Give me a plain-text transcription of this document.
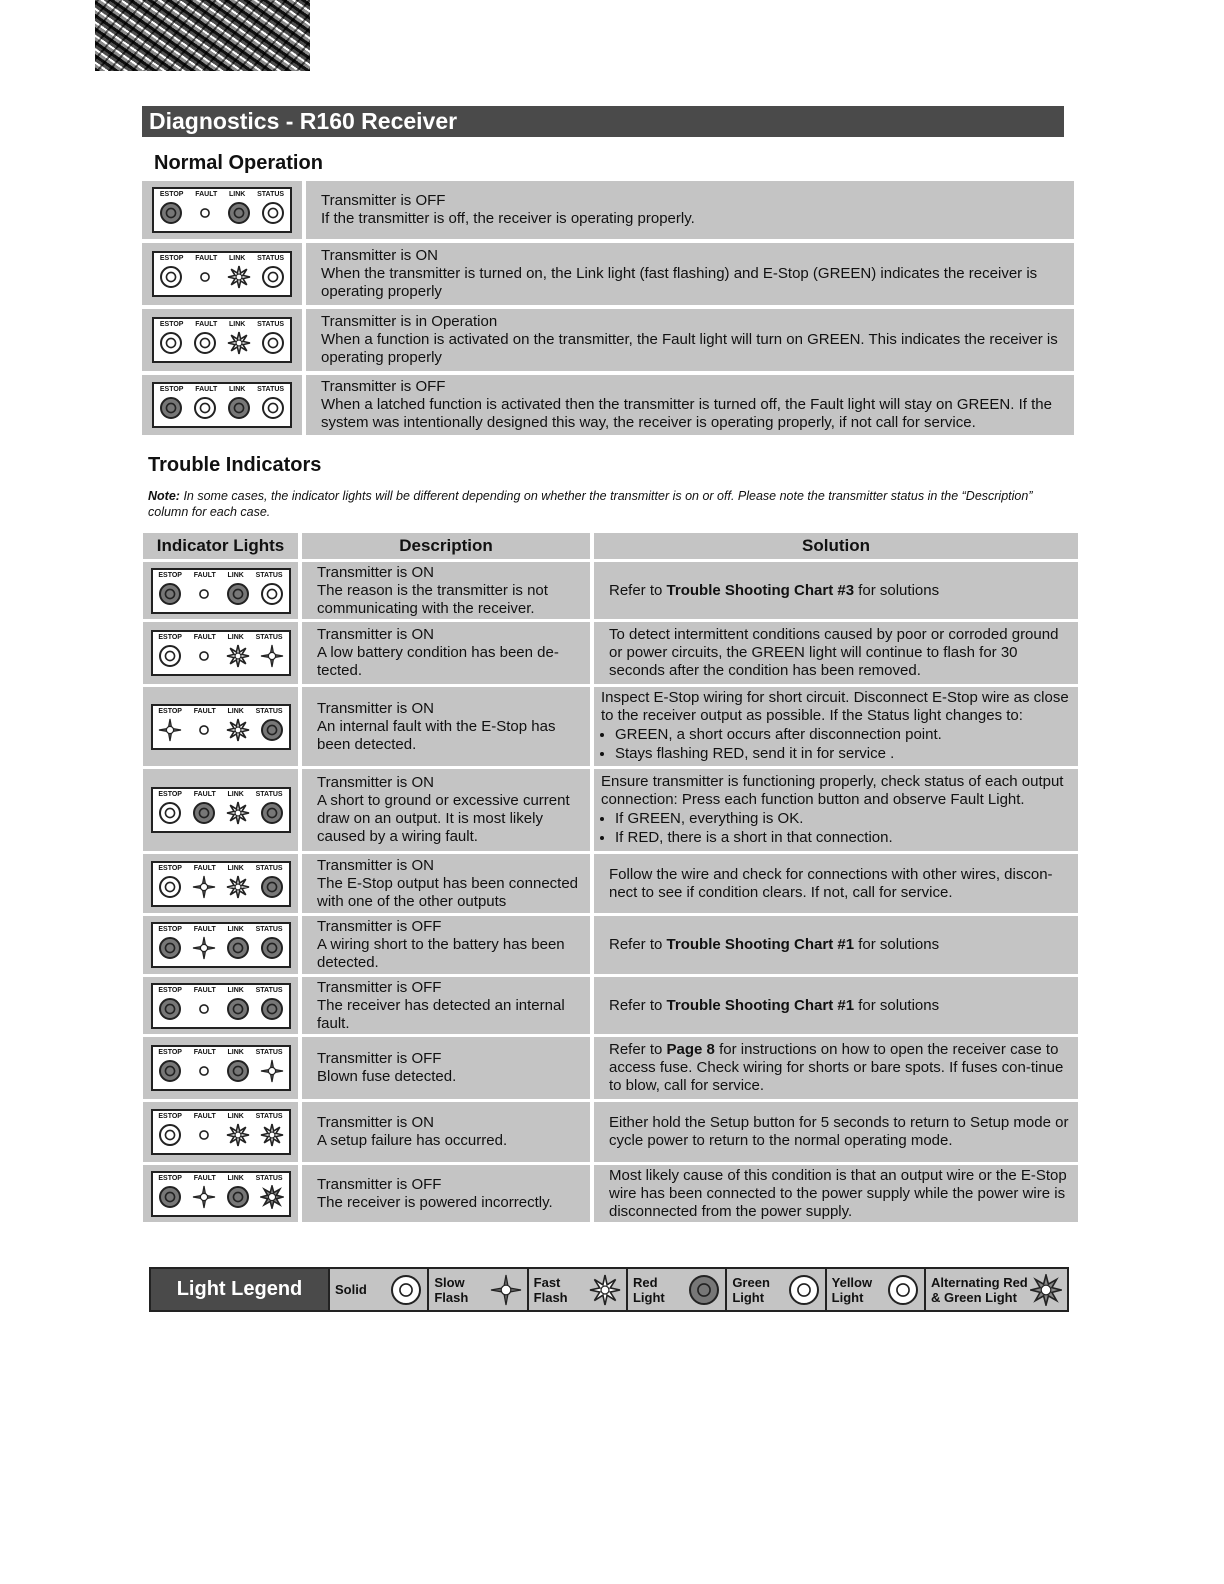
Diagnostics - R160 Receiver
Normal Operation
ESTOP FAULT LINK STATUS Transmitter is OFF
If the transmitter is off, the receiver is operating properly.
ESTOP FAULT LINK STATUS Transmitter is ON
When the transmitter is turned on, the Link light (fast flashing) and E-Stop (GREEN) indicates the receiver is operating properly
ESTOP FAULT LINK STATUS Transmitter is in Operation
When a function is activated on the transmitter, the Fault light will turn on GREEN. This indicates the receiver is operating properly
ESTOP FAULT LINK STATUS Transmitter is OFF
When a latched function is activated then the transmitter is turned off, the Fault light will stay on GREEN. If the system was intentionally designed this way, the receiver is operating properly, if not call for service.
Trouble Indicators
Note: In some cases, the indicator lights will be different depending on whether the transmitter is on or off. Please note the transmitter status in the “Description” column for each case.
Indicator Lights	Description	Solution
ESTOP FAULT LINK STATUS Transmitter is ON
The reason is the transmitter is not communicating with the receiver.
Refer to Trouble Shooting Chart #3 for solutions
ESTOP FAULT LINK STATUS Transmitter is ON
A low battery condition has been de-tected.
To detect intermittent conditions caused by poor or corroded ground or power circuits, the GREEN light will continue to flash for 30 seconds after the condition has been removed.
ESTOP FAULT LINK STATUS Transmitter is ON
An internal fault with the E-Stop has been detected.
Inspect E-Stop wiring for short circuit. Disconnect E-Stop wire as close to the receiver output as possible. If the Status light changes to:
• GREEN, a short occurs after disconnection point.
• Stays flashing RED, send it in for service .
ESTOP FAULT LINK STATUS
Transmitter is ON
A short to ground or excessive current draw on an output. It is most likely caused by a wiring fault.
Ensure transmitter is functioning properly, check status of each output connection: Press each function button and observe Fault Light.
• If GREEN, everything is OK.
• If RED, there is a short in that connection.
ESTOP FAULT LINK STATUS Transmitter is ON
The E-Stop output has been connected with one of the other outputs
Follow the wire and check for connections with other wires, discon-nect to see if condition clears. If not, call for service.
ESTOP FAULT LINK STATUS Transmitter is OFF
A wiring short to the battery has been detected.
Refer to Trouble Shooting Chart #1 for solutions
ESTOP FAULT LINK STATUS Transmitter is OFF
The receiver has detected an internal fault.
Refer to Trouble Shooting Chart #1 for solutions
ESTOP FAULT LINK STATUS Transmitter is OFF
Blown fuse detected.
Refer to Page 8 for instructions on how to open the receiver case to access fuse. Check wiring for shorts or bare spots. If fuses con-tinue to blow, call for service.
ESTOP FAULT LINK STATUS Transmitter is ON
A setup failure has occurred.
Either hold the Setup button for 5 seconds to return to Setup mode or cycle power to return to the normal operating mode.
ESTOP FAULT LINK STATUS Transmitter is OFF
The receiver is powered incorrectly.
Most likely cause of this condition is that an output wire or the E-Stop wire has been connected to the power supply while the power wire is disconnected from the power supply.
Light Legend	Solid	Slow
Flash
Fast
Flash
Red
Light
Green
Light
Yellow
Light
Alternating Red
& Green Light
